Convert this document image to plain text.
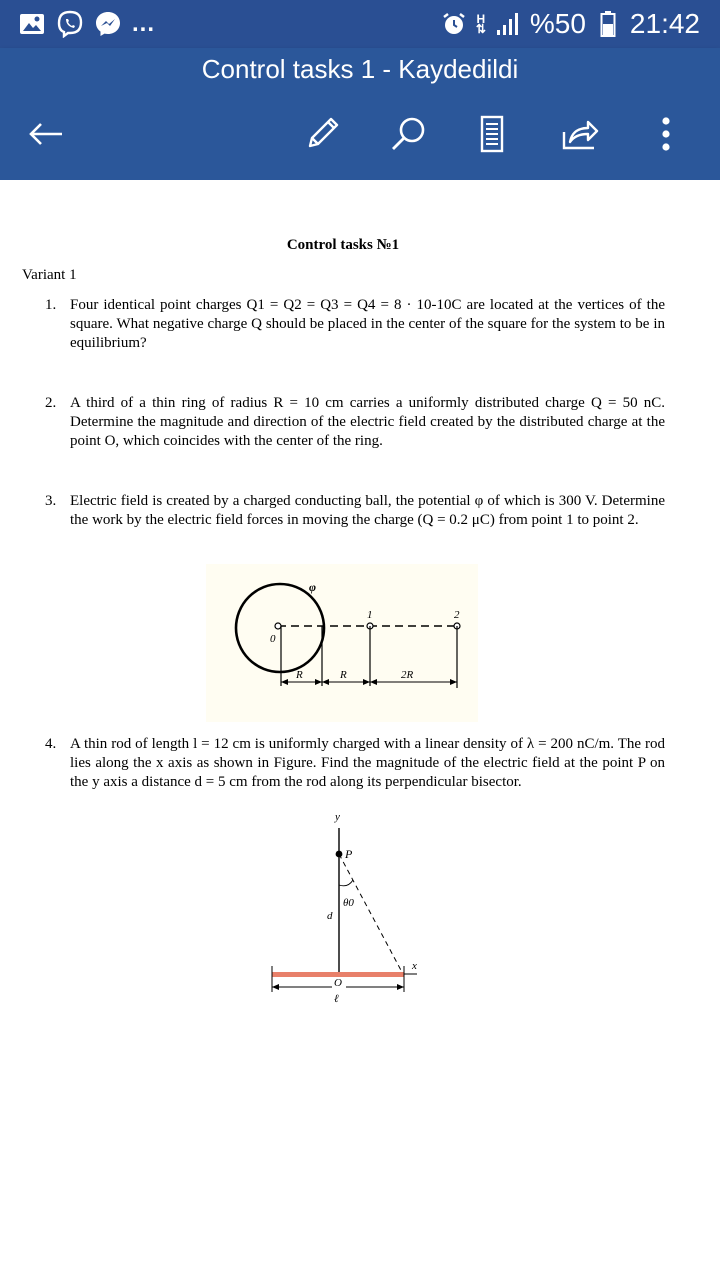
...	H
⇅ %50 21:42
Control tasks 1 - Kaydedildi
Control tasks №1
Variant 1
1. Four identical point charges Q1 = Q2 = Q3 = Q4 = 8 · 10-10C are located at the vertices of the square. What negative charge Q should be placed in the center of the square for the system to be in equilibrium?
2. A third of a thin ring of radius R = 10 cm carries a uniformly distributed charge Q = 50 nC. Determine the magnitude and direction of the electric field created by the distributed charge at the point O, which coincides with the center of the ring.
3. Electric field is created by a charged conducting ball, the potential φ of which is 300 V. Determine the work by the electric field forces in moving the charge (Q = 0.2 μC) from point 1 to point 2.
φ
0
1	2
R	R	2R
4. A thin rod of length l = 12 cm is uniformly charged with a linear density of λ = 200 nC/m. The rod lies along the x axis as shown in Figure. Find the magnitude of the electric field at the point P on the y axis a distance d = 5 cm from the rod along its perpendicular bisector.
y
P
θ0
d
x
O
ℓ
